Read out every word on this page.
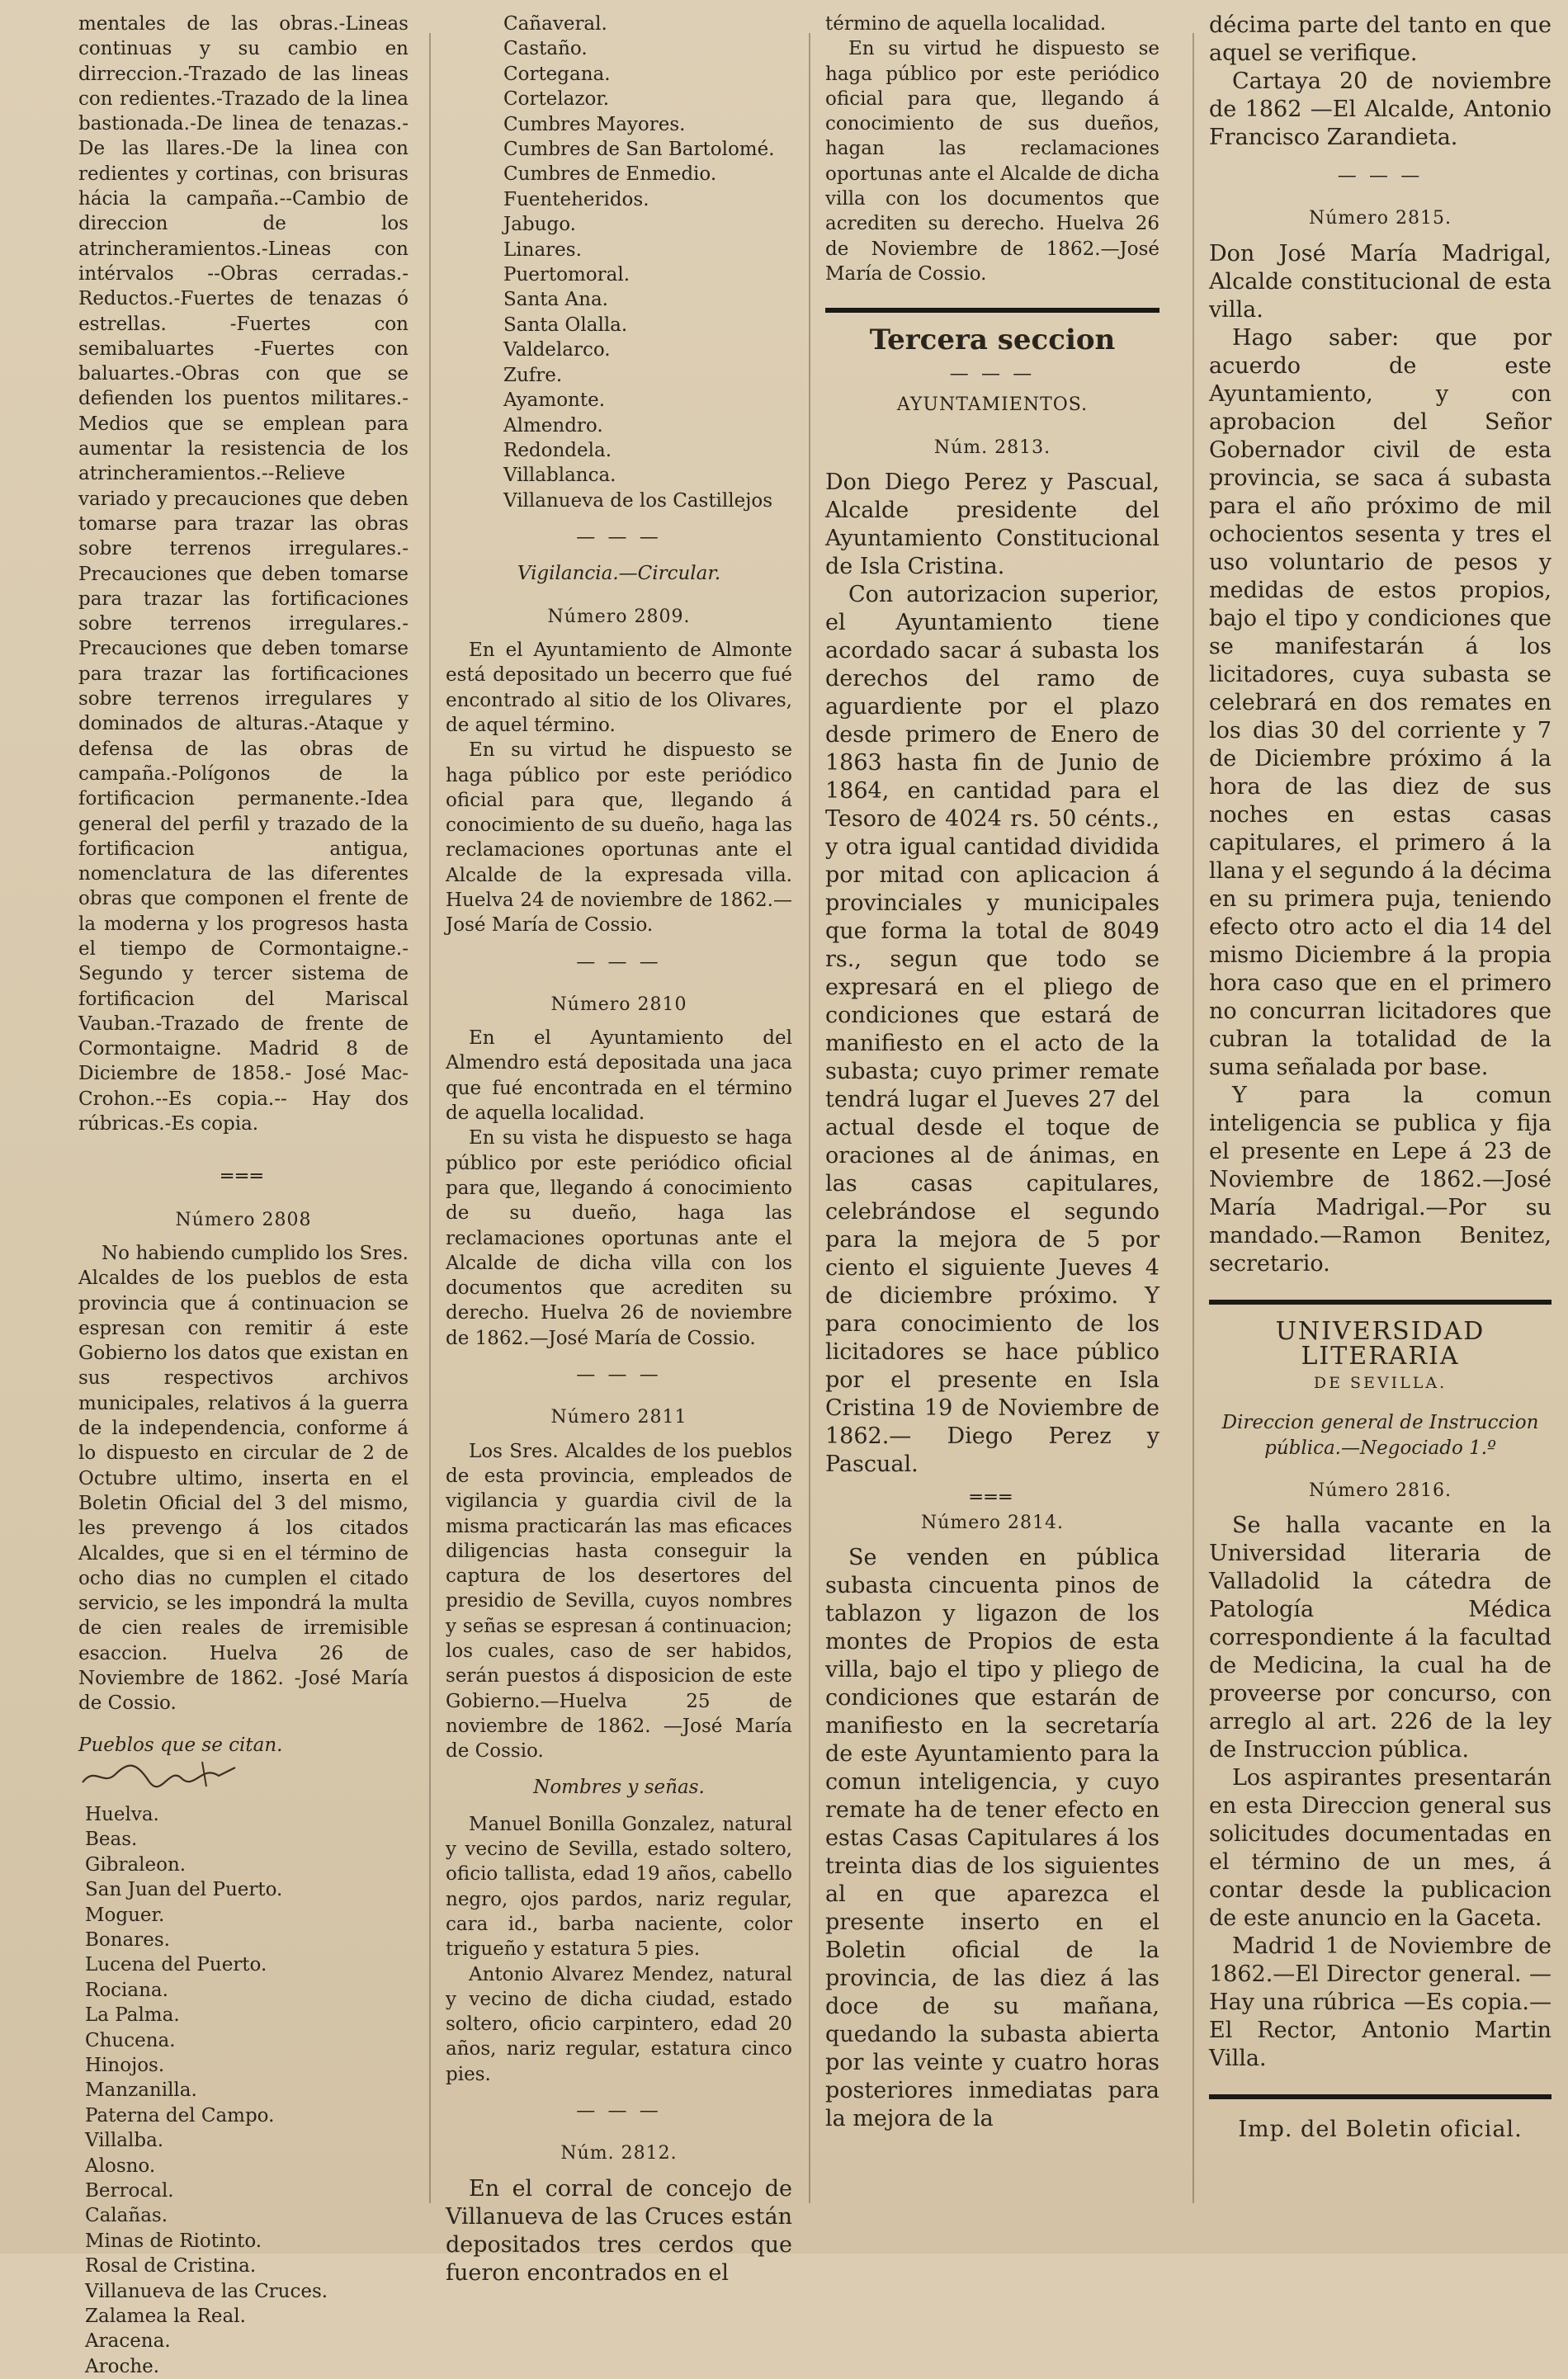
mentales de las obras.-Lineas continuas y su cambio en dirreccion.-Trazado de las lineas con redientes.-Trazado de la linea bastionada.-De linea de tenazas.-De las llares.-De la linea con redientes y cortinas, con brisuras hácia la campaña.--Cambio de direccion de los atrincheramientos.-Lineas con intérvalos --Obras cerradas.-Reductos.-Fuertes de tenazas ó estrellas. -Fuertes con semibaluartes -Fuertes con baluartes.-Obras con que se defienden los puentos militares.-Medios que se emplean para aumentar la resistencia de los atrincheramientos.--Relieve variado y precauciones que deben tomarse para trazar las obras sobre terrenos irregulares.-Precauciones que deben tomarse para trazar las fortificaciones sobre terrenos irregulares.-Precauciones que deben tomarse para trazar las fortificaciones sobre terrenos irregulares y dominados de alturas.-Ataque y defensa de las obras de campaña.-Polígonos de la fortificacion permanente.-Idea general del perfil y trazado de la fortificacion antigua, nomenclatura de las diferentes obras que componen el frente de la moderna y los progresos hasta el tiempo de Cormontaigne.-Segundo y tercer sistema de fortificacion del Mariscal Vauban.-Trazado de frente de Cormontaigne. Madrid 8 de Diciembre de 1858.- José Mac-Crohon.--Es copia.-- Hay dos rúbricas.-Es copia.

═══
Número 2808

No habiendo cumplido los Sres. Alcaldes de los pueblos de esta provincia que á continuacion se espresan con remitir á este Gobierno los datos que existan en sus respectivos archivos municipales, relativos á la guerra de la independencia, conforme á lo dispuesto en circular de 2 de Octubre ultimo, inserta en el Boletin Oficial del 3 del mismo, les prevengo á los citados Alcaldes, que si en el término de ocho dias no cumplen el citado servicio, se les impondrá la multa de cien reales de irremisible esaccion. Huelva 26 de Noviembre de 1862. -José María de Cossio.

Pueblos que se citan.
Huelva.
Beas.
Gibraleon.
San Juan del Puerto.
Moguer.
Bonares.
Lucena del Puerto.
Rociana.
La Palma.
Chucena.
Hinojos.
Manzanilla.
Paterna del Campo.
Villalba.
Alosno.
Berrocal.
Calañas.
Minas de Riotinto.
Rosal de Cristina.
Villanueva de las Cruces.
Zalamea la Real.
Aracena.
Aroche.
Cañaveral.
Castaño.
Cortegana.
Cortelazor.
Cumbres Mayores.
Cumbres de San Bartolomé.
Cumbres de Enmedio.
Fuenteheridos.
Jabugo.
Linares.
Puertomoral.
Santa Ana.
Santa Olalla.
Valdelarco.
Zufre.
Ayamonte.
Almendro.
Redondela.
Villablanca.
Villanueva de los Castillejos
— — —
Vigilancia.—Circular.
Número 2809.

En el Ayuntamiento de Almonte está depositado un becerro que fué encontrado al sitio de los Olivares, de aquel término.

En su virtud he dispuesto se haga público por este periódico oficial para que, llegando á conocimiento de su dueño, haga las reclamaciones oportunas ante el Alcalde de la expresada villa. Huelva 24 de noviembre de 1862.—José María de Cossio.

— — —
Número 2810

En el Ayuntamiento del Almendro está depositada una jaca que fué encontrada en el término de aquella localidad.

En su vista he dispuesto se haga público por este periódico oficial para que, llegando á conocimiento de su dueño, haga las reclamaciones oportunas ante el Alcalde de dicha villa con los documentos que acrediten su derecho. Huelva 26 de noviembre de 1862.—José María de Cossio.

— — —
Número 2811

Los Sres. Alcaldes de los pueblos de esta provincia, empleados de vigilancia y guardia civil de la misma practicarán las mas eficaces diligencias hasta conseguir la captura de los desertores del presidio de Sevilla, cuyos nombres y señas se espresan á continuacion; los cuales, caso de ser habidos, serán puestos á disposicion de este Gobierno.—Huelva 25 de noviembre de 1862. —José María de Cossio.

Nombres y señas.

Manuel Bonilla Gonzalez, natural y vecino de Sevilla, estado soltero, oficio tallista, edad 19 años, cabello negro, ojos pardos, nariz regular, cara id., barba naciente, color trigueño y estatura 5 pies.

Antonio Alvarez Mendez, natural y vecino de dicha ciudad, estado soltero, oficio carpintero, edad 20 años, nariz regular, estatura cinco pies.

— — —
Núm. 2812.

En el corral de concejo de Villanueva de las Cruces están depositados tres cerdos que fueron encontrados en el

término de aquella localidad.

En su virtud he dispuesto se haga público por este periódico oficial para que, llegando á conocimiento de sus dueños, hagan las reclamaciones oportunas ante el Alcalde de dicha villa con los documentos que acrediten su derecho. Huelva 26 de Noviembre de 1862.—José María de Cossio.

Tercera seccion
— — —
AYUNTAMIENTOS.
Núm. 2813.

Don Diego Perez y Pascual, Alcalde presidente del Ayuntamiento Constitucional de Isla Cristina.

Con autorizacion superior, el Ayuntamiento tiene acordado sacar á subasta los derechos del ramo de aguardiente por el plazo desde primero de Enero de 1863 hasta fin de Junio de 1864, en cantidad para el Tesoro de 4024 rs. 50 cénts., y otra igual cantidad dividida por mitad con aplicacion á provinciales y municipales que forma la total de 8049 rs., segun que todo se expresará en el pliego de condiciones que estará de manifiesto en el acto de la subasta; cuyo primer remate tendrá lugar el Jueves 27 del actual desde el toque de oraciones al de ánimas, en las casas capitulares, celebrándose el segundo para la mejora de 5 por ciento el siguiente Jueves 4 de diciembre próximo. Y para conocimiento de los licitadores se hace público por el presente en Isla Cristina 19 de Noviembre de 1862.— Diego Perez y Pascual.

═══
Número 2814.

Se venden en pública subasta cincuenta pinos de tablazon y ligazon de los montes de Propios de esta villa, bajo el tipo y pliego de condiciones que estarán de manifiesto en la secretaría de este Ayuntamiento para la comun inteligencia, y cuyo remate ha de tener efecto en estas Casas Capitulares á los treinta dias de los siguientes al en que aparezca el presente inserto en el Boletin oficial de la provincia, de las diez á las doce de su mañana, quedando la subasta abierta por las veinte y cuatro horas posteriores inmediatas para la mejora de la

décima parte del tanto en que aquel se verifique.

Cartaya 20 de noviembre de 1862 —El Alcalde, Antonio Francisco Zarandieta.

— — —
Número 2815.

Don José María Madrigal, Alcalde constitucional de esta villa.

Hago saber: que por acuerdo de este Ayuntamiento, y con aprobacion del Señor Gobernador civil de esta provincia, se saca á subasta para el año próximo de mil ochocientos sesenta y tres el uso voluntario de pesos y medidas de estos propios, bajo el tipo y condiciones que se manifestarán á los licitadores, cuya subasta se celebrará en dos remates en los dias 30 del corriente y 7 de Diciembre próximo á la hora de las diez de sus noches en estas casas capitulares, el primero á la llana y el segundo á la décima en su primera puja, teniendo efecto otro acto el dia 14 del mismo Diciembre á la propia hora caso que en el primero no concurran licitadores que cubran la totalidad de la suma señalada por base.

Y para la comun inteligencia se publica y fija el presente en Lepe á 23 de Noviembre de 1862.—José María Madrigal.—Por su mandado.—Ramon Benitez, secretario.

UNIVERSIDAD LITERARIA
DE SEVILLA.
Direccion general de Instruccion pública.—Negociado 1.º
Número 2816.

Se halla vacante en la Universidad literaria de Valladolid la cátedra de Patología Médica correspondiente á la facultad de Medicina, la cual ha de proveerse por concurso, con arreglo al art. 226 de la ley de Instruccion pública.

Los aspirantes presentarán en esta Direccion general sus solicitudes documentadas en el término de un mes, á contar desde la publicacion de este anuncio en la Gaceta.

Madrid 1 de Noviembre de 1862.—El Director general. —Hay una rúbrica —Es copia.—El Rector, Antonio Martin Villa.

Imp. del Boletin oficial.
